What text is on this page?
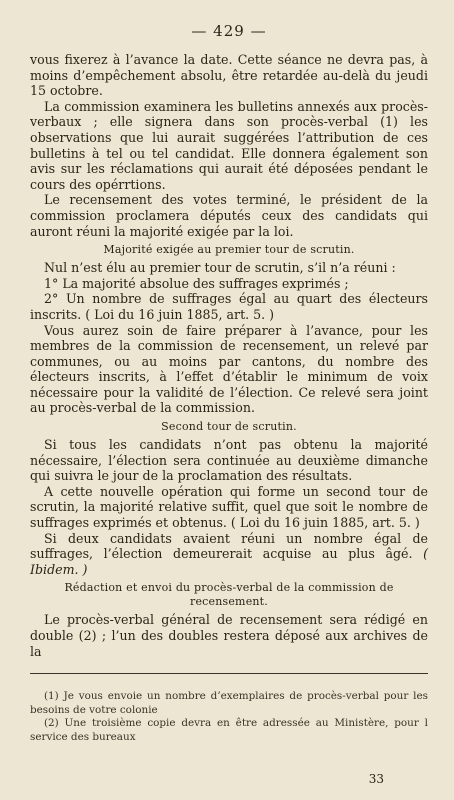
— 429 —

vous fixerez à l’avance la date. Cette séance ne devra pas, à moins d’empêchement absolu, être retardée au-delà du jeudi 15 octobre.

La commission examinera les bulletins annexés aux procès-verbaux ; elle signera dans son procès-verbal (1) les observations que lui aurait suggérées l’attribution de ces bulletins à tel ou tel candidat. Elle donnera également son avis sur les réclamations qui aurait été déposées pendant le cours des opérrtions.

Le recensement des votes terminé, le président de la commission proclamera députés ceux des candidats qui auront réuni la majorité exigée par la loi.

Majorité exigée au premier tour de scrutin.

Nul n’est élu au premier tour de scrutin, s’il n’a réuni :

1° La majorité absolue des suffrages exprimés ;

2° Un nombre de suffrages égal au quart des électeurs inscrits. ( Loi du 16 juin 1885, art. 5. )

Vous aurez soin de faire préparer à l’avance, pour les membres de la commission de recensement, un relevé par communes, ou au moins par cantons, du nombre des électeurs inscrits, à l’effet d’établir le minimum de voix nécessaire pour la validité de l’élection. Ce relevé sera joint au procès-verbal de la commission.

Second tour de scrutin.

Si tous les candidats n’ont pas obtenu la majorité nécessaire, l’élection sera continuée au deuxième dimanche qui suivra le jour de la proclamation des résultats.

A cette nouvelle opération qui forme un second tour de scrutin, la majorité relative suffit, quel que soit le nombre de suffrages exprimés et obtenus. ( Loi du 16 juin 1885, art. 5. )

Si deux candidats avaient réuni un nombre égal de suffrages, l’élection demeurerait acquise au plus âgé. ( Ibidem. )

Rédaction et envoi du procès-verbal de la commission de recensement.

Le procès-verbal général de recensement sera rédigé en double (2) ; l’un des doubles restera déposé aux archives de la

(1) Je vous envoie un nombre d’exemplaires de procès-verbal pour les besoins de votre colonie

(2) Une troisième copie devra en être adressée au Ministère, pour l service des bureaux

33
